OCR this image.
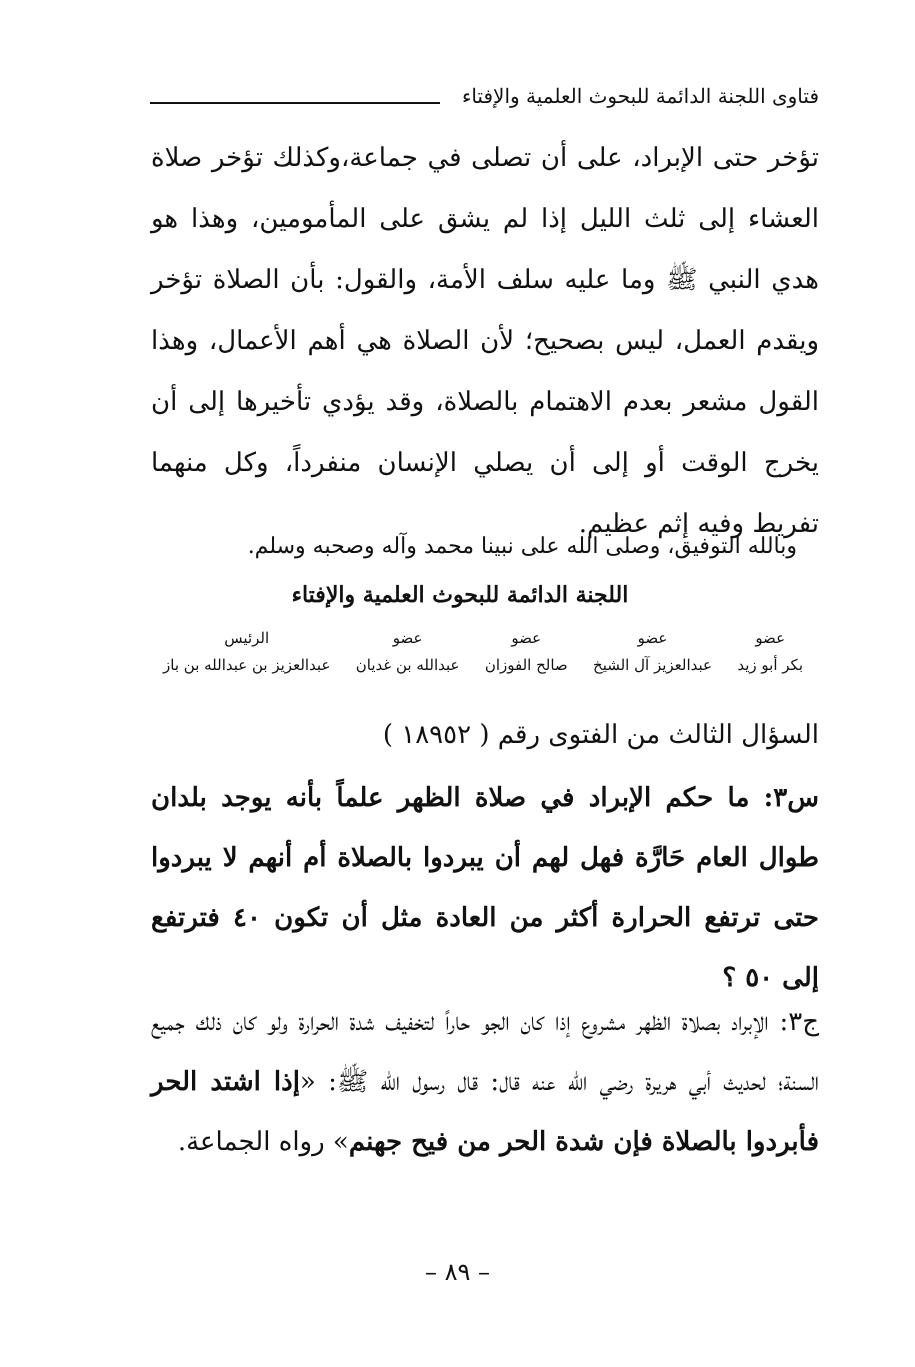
فتاوى اللجنة الدائمة للبحوث العلمية والإفتاء
تؤخر حتى الإبراد، على أن تصلى في جماعة،وكذلك تؤخر صلاة العشاء إلى ثلث الليل إذا لم يشق على المأمومين، وهذا هو هدي النبي ﷺ وما عليه سلف الأمة، والقول: بأن الصلاة تؤخر ويقدم العمل، ليس بصحيح؛ لأن الصلاة هي أهم الأعمال، وهذا القول مشعر بعدم الاهتمام بالصلاة، وقد يؤدي تأخيرها إلى أن يخرج الوقت أو إلى أن يصلي الإنسان منفرداً، وكل منهما تفريط وفيه إثم عظيم.
وبالله التوفيق، وصلى الله على نبينا محمد وآله وصحبه وسلم.
اللجنة الدائمة للبحوث العلمية والإفتاء
عضو
بكر أبو زيد
عضو
عبدالعزيز آل الشيخ
عضو
صالح الفوزان
عضو
عبدالله بن غديان
الرئيس
عبدالعزيز بن عبدالله بن باز
السؤال الثالث من الفتوى رقم ( ١٨٩٥٢ )
س٣: ما حكم الإبراد في صلاة الظهر علماً بأنه يوجد بلدان طوال العام حَارَّة فهل لهم أن يبردوا بالصلاة أم أنهم لا يبردوا حتى ترتفع الحرارة أكثر من العادة مثل أن تكون ٤٠ فترتفع إلى ٥٠ ؟
ج٣: الإبراد بصلاة الظهر مشروع إذا كان الجو حاراً لتخفيف شدة الحرارة ولو كان ذلك جميع السنة؛ لحديث أبي هريرة رضي الله عنه قال: قال رسول الله ﷺ: «إذا اشتد الحر فأبردوا بالصلاة فإن شدة الحر من فيح جهنم» رواه الجماعة.
– ٨٩ –
